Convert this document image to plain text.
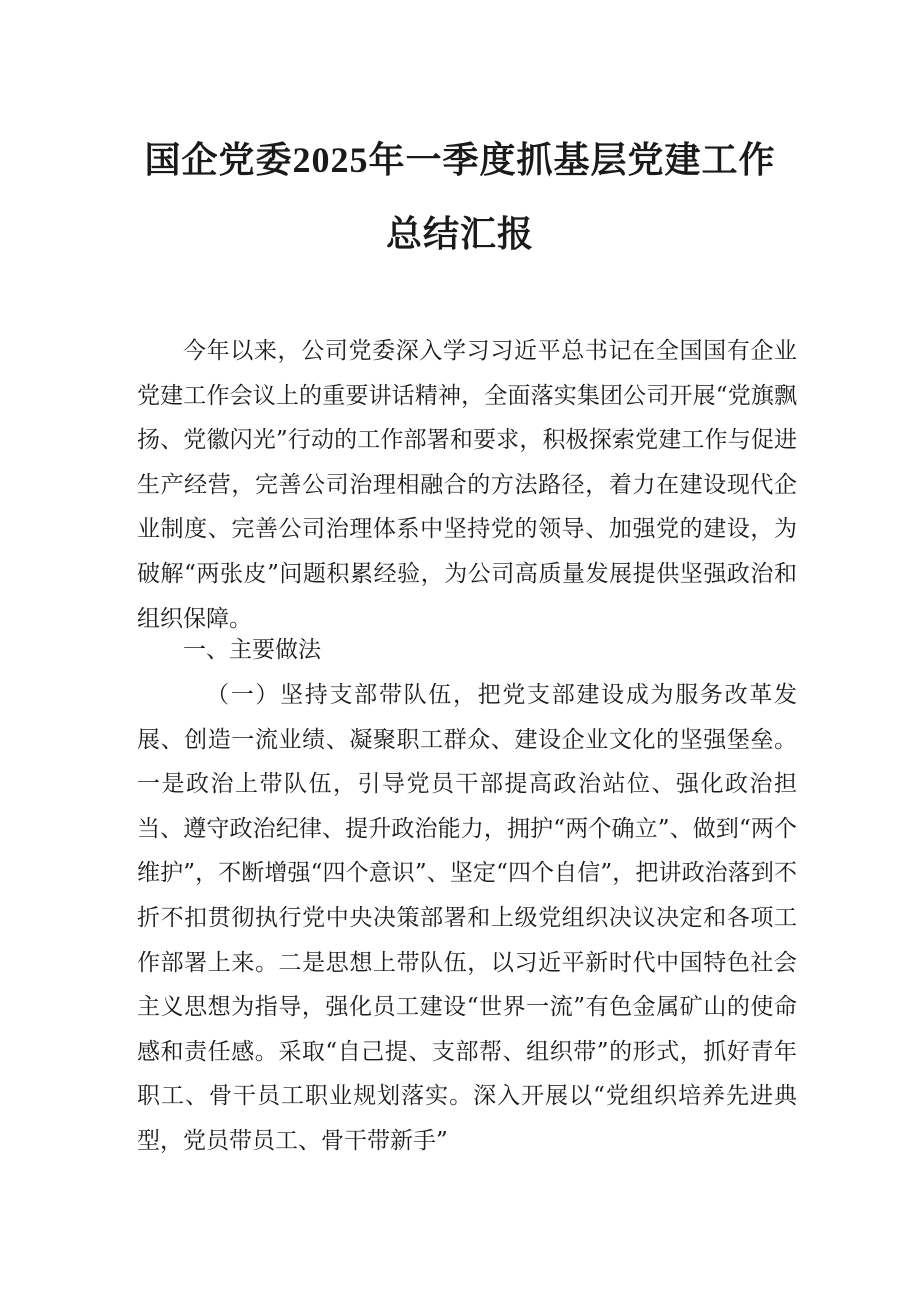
国企党委2025年一季度抓基层党建工作
总结汇报

今年以来，公司党委深入学习习近平总书记在全国国有企业党建工作会议上的重要讲话精神，全面落实集团公司开展“党旗飘扬、党徽闪光”行动的工作部署和要求，积极探索党建工作与促进生产经营，完善公司治理相融合的方法路径，着力在建设现代企业制度、完善公司治理体系中坚持党的领导、加强党的建设，为破解“两张皮”问题积累经验，为公司高质量发展提供坚强政治和组织保障。

一、主要做法

（一）坚持支部带队伍，把党支部建设成为服务改革发展、创造一流业绩、凝聚职工群众、建设企业文化的坚强堡垒。一是政治上带队伍，引导党员干部提高政治站位、强化政治担当、遵守政治纪律、提升政治能力，拥护“两个确立”、做到“两个维护”，不断增强“四个意识”、坚定“四个自信”，把讲政治落到不折不扣贯彻执行党中央决策部署和上级党组织决议决定和各项工作部署上来。二是思想上带队伍，以习近平新时代中国特色社会主义思想为指导，强化员工建设“世界一流”有色金属矿山的使命感和责任感。采取“自己提、支部帮、组织带”的形式，抓好青年职工、骨干员工职业规划落实。深入开展以“党组织培养先进典型，党员带员工、骨干带新手”
